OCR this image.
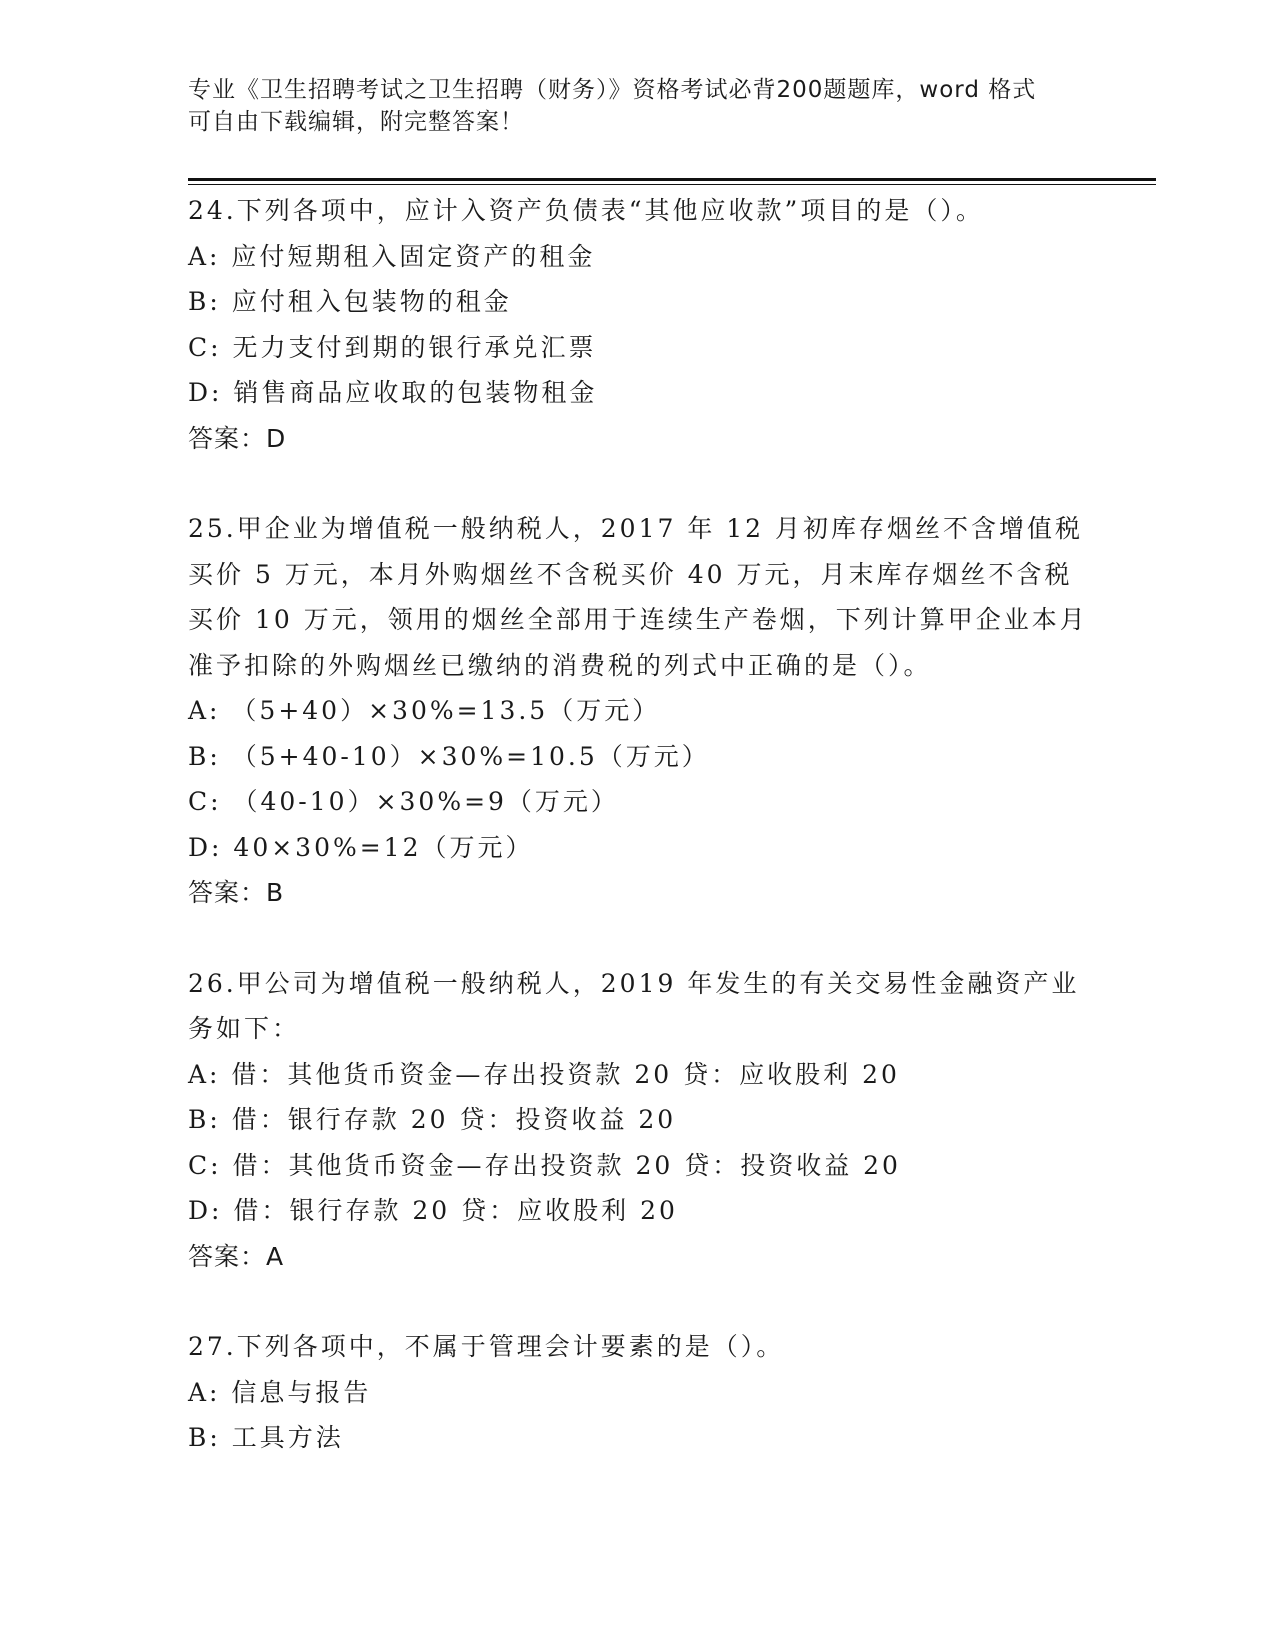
专业《卫生招聘考试之卫生招聘（财务）》资格考试必背200题题库，word 格式
可自由下载编辑，附完整答案！

24.下列各项中，应计入资产负债表“其他应收款”项目的是（）。

A: 应付短期租入固定资产的租金

B: 应付租入包装物的租金

C: 无力支付到期的银行承兑汇票

D: 销售商品应收取的包装物租金

答案：D

25.甲企业为增值税一般纳税人，2017 年 12 月初库存烟丝不含增值税买价 5 万元，本月外购烟丝不含税买价 40 万元，月末库存烟丝不含税买价 10 万元，领用的烟丝全部用于连续生产卷烟，下列计算甲企业本月准予扣除的外购烟丝已缴纳的消费税的列式中正确的是（）。

A: （5+40）×30%=13.5（万元）

B: （5+40-10）×30%=10.5（万元）

C: （40-10）×30%=9（万元）

D: 40×30%=12（万元）

答案：B

26.甲公司为增值税一般纳税人，2019 年发生的有关交易性金融资产业务如下：

A: 借：其他货币资金—存出投资款 20 贷：应收股利 20

B: 借：银行存款 20 贷：投资收益 20

C: 借：其他货币资金—存出投资款 20 贷：投资收益 20

D: 借：银行存款 20 贷：应收股利 20

答案：A

27.下列各项中，不属于管理会计要素的是（）。

A: 信息与报告

B: 工具方法
